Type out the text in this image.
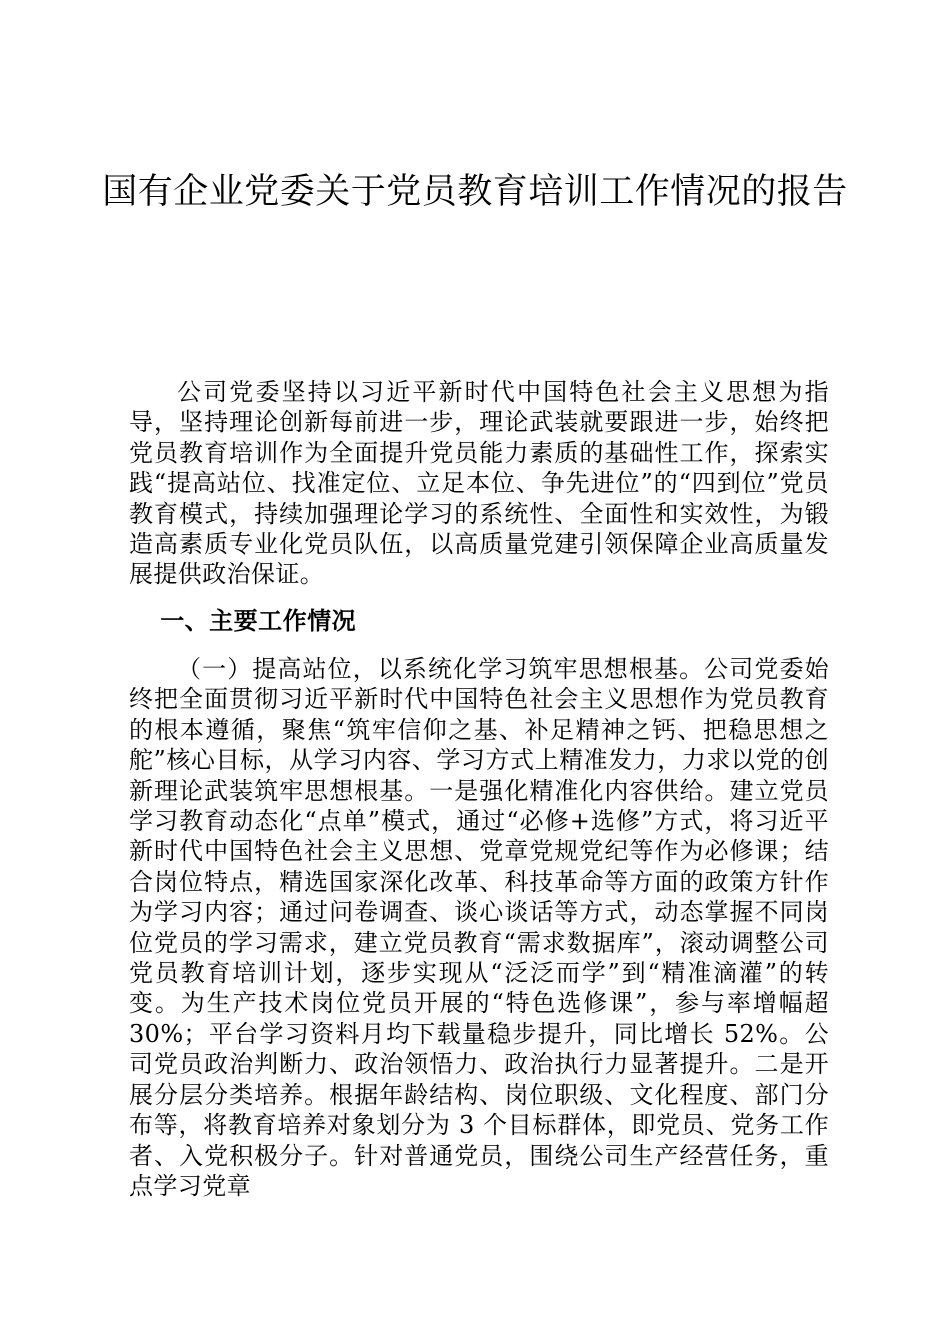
国有企业党委关于党员教育培训工作情况的报告

公司党委坚持以习近平新时代中国特色社会主义思想为指导，坚持理论创新每前进一步，理论武装就要跟进一步，始终把党员教育培训作为全面提升党员能力素质的基础性工作，探索实践“提高站位、找准定位、立足本位、争先进位”的“四到位”党员教育模式，持续加强理论学习的系统性、全面性和实效性，为锻造高素质专业化党员队伍，以高质量党建引领保障企业高质量发展提供政治保证。

一、主要工作情况

（一）提高站位，以系统化学习筑牢思想根基。公司党委始终把全面贯彻习近平新时代中国特色社会主义思想作为党员教育的根本遵循，聚焦“筑牢信仰之基、补足精神之钙、把稳思想之舵”核心目标，从学习内容、学习方式上精准发力，力求以党的创新理论武装筑牢思想根基。一是强化精准化内容供给。建立党员学习教育动态化“点单”模式，通过“必修+选修”方式，将习近平新时代中国特色社会主义思想、党章党规党纪等作为必修课；结合岗位特点，精选国家深化改革、科技革命等方面的政策方针作为学习内容；通过问卷调查、谈心谈话等方式，动态掌握不同岗位党员的学习需求，建立党员教育“需求数据库”，滚动调整公司党员教育培训计划，逐步实现从“泛泛而学”到“精准滴灌”的转变。为生产技术岗位党员开展的“特色选修课”，参与率增幅超 30%；平台学习资料月均下载量稳步提升，同比增长 52%。公司党员政治判断力、政治领悟力、政治执行力显著提升。二是开展分层分类培养。根据年龄结构、岗位职级、文化程度、部门分布等，将教育培养对象划分为 3 个目标群体，即党员、党务工作者、入党积极分子。针对普通党员，围绕公司生产经营任务，重点学习党章
